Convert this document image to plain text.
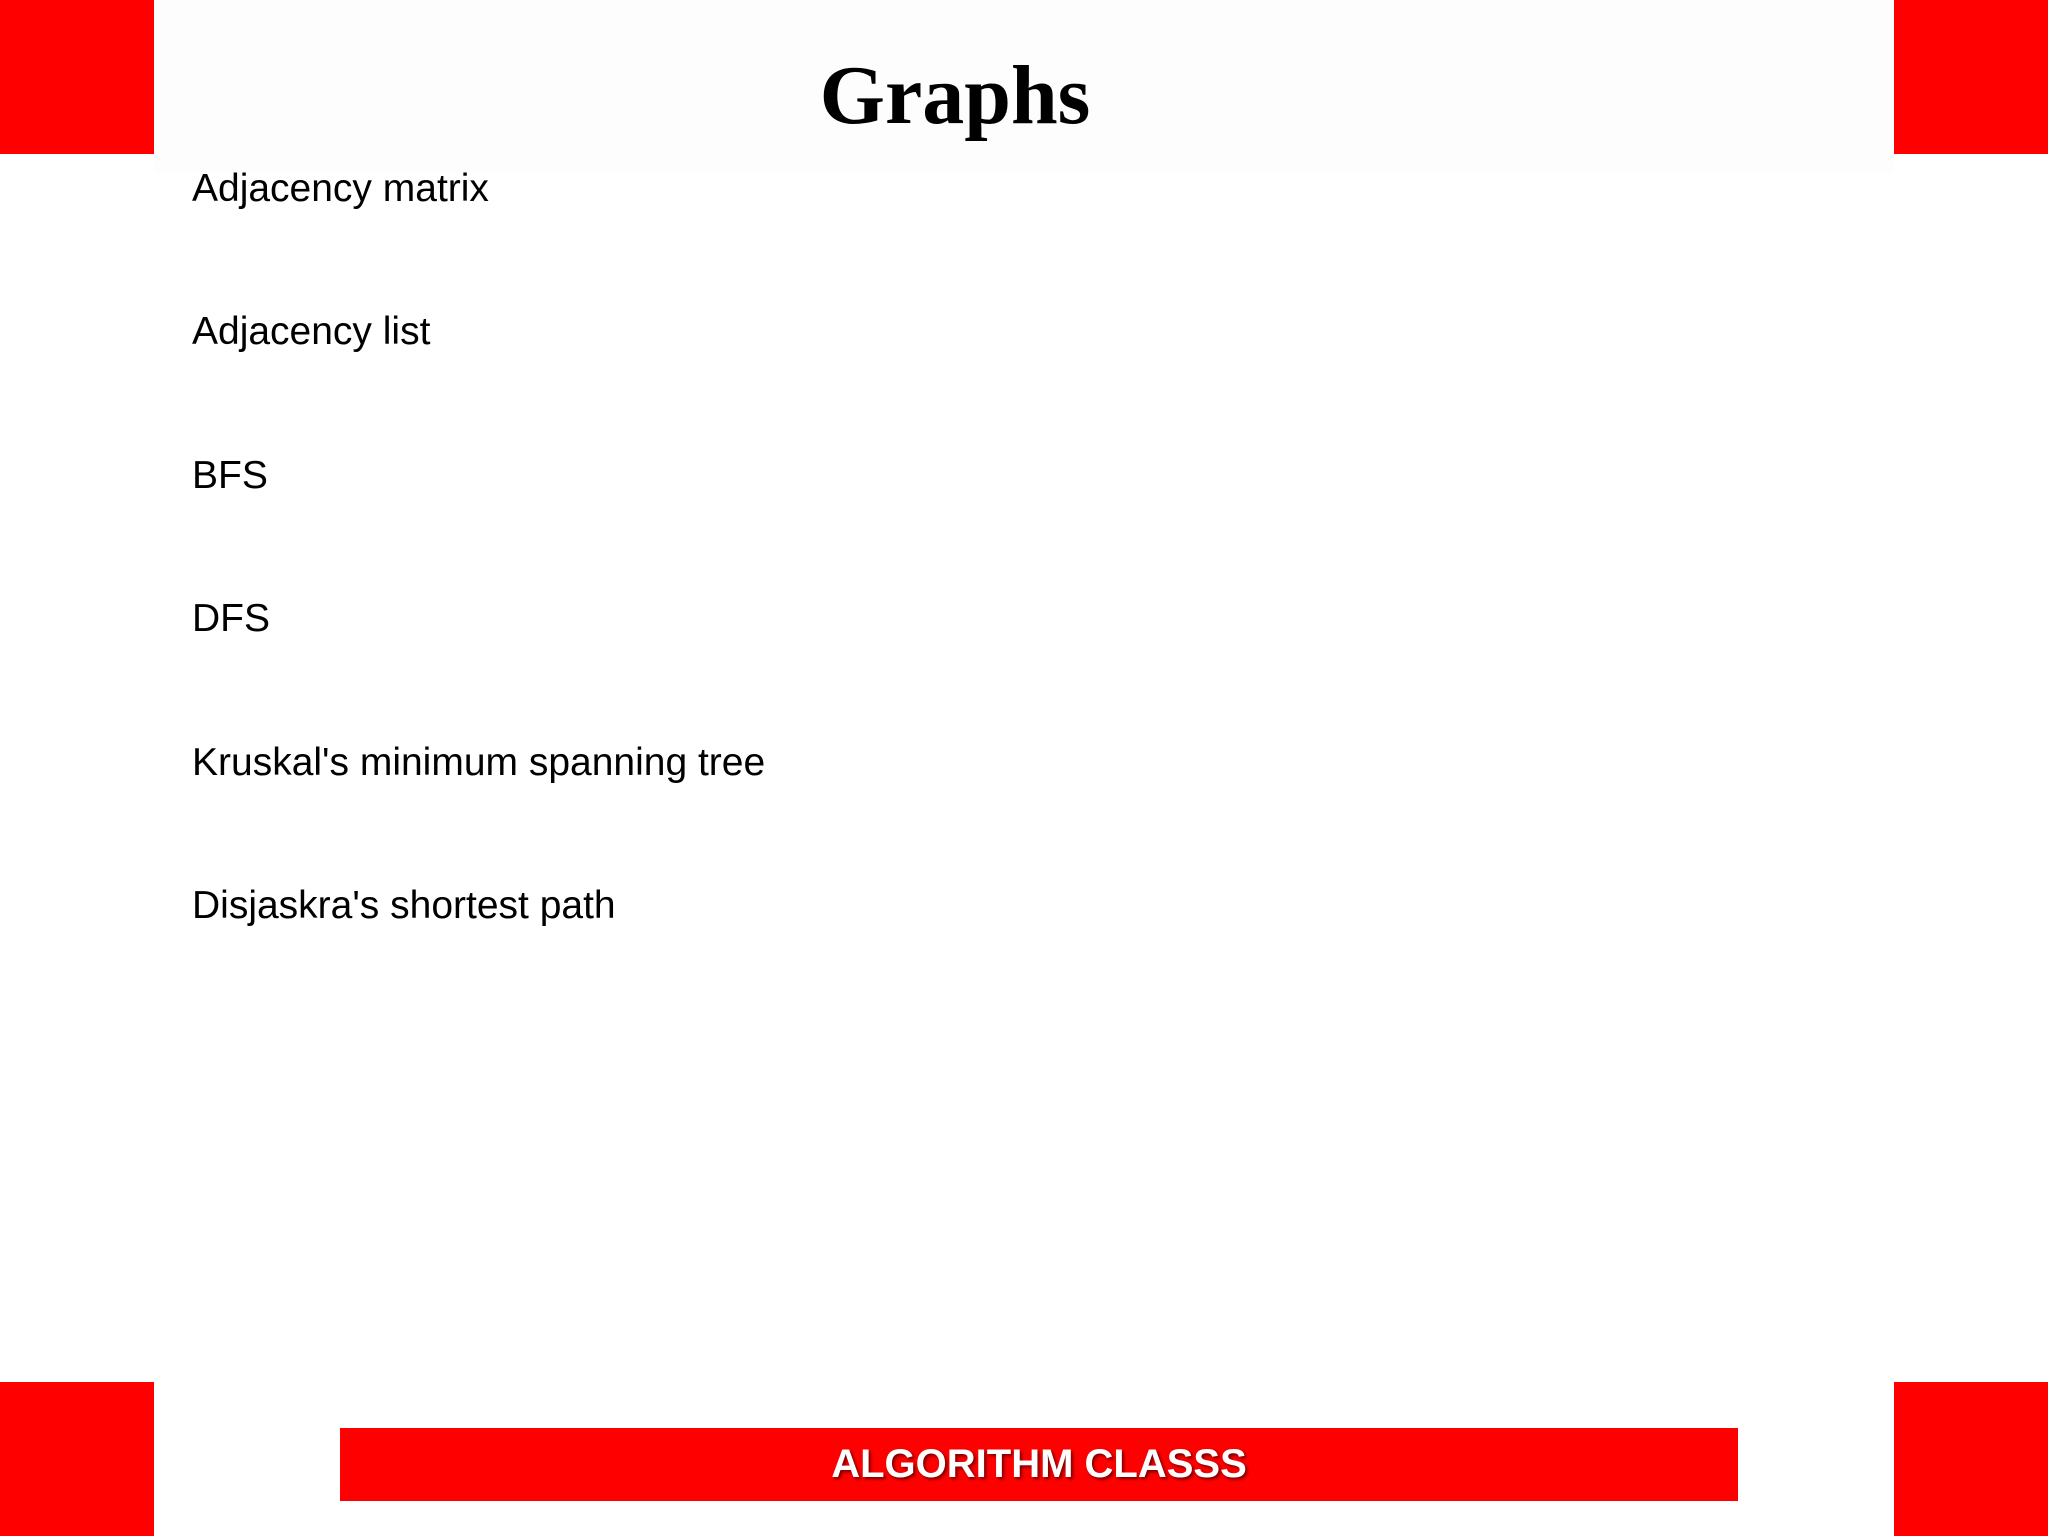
Graphs
Adjacency matrix
Adjacency list
BFS
DFS
Kruskal's minimum spanning tree
Disjaskra's shortest path
ALGORITHM CLASSS
